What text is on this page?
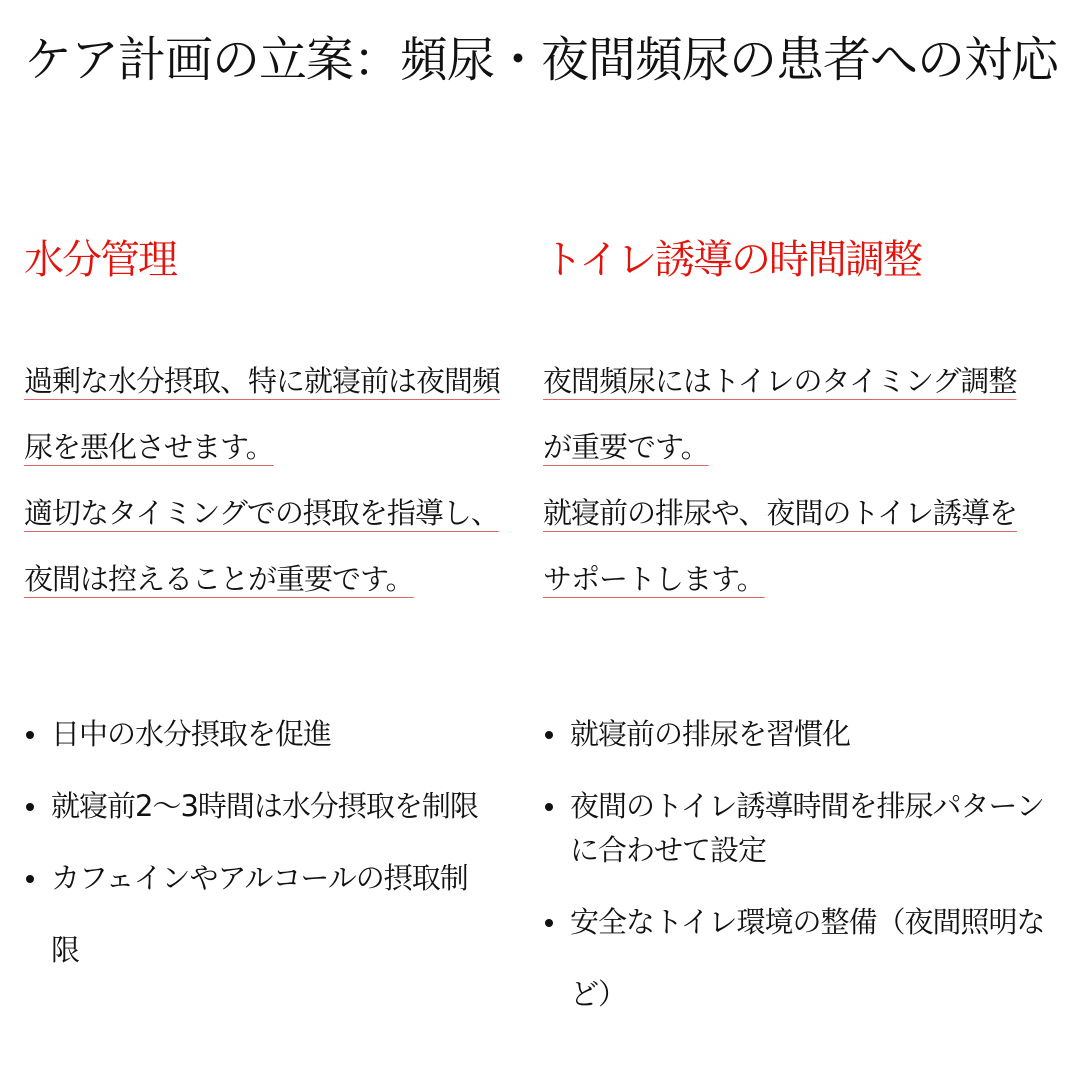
ケア計画の立案：頻尿・夜間頻尿の患者への対応
水分管理
過剰な水分摂取、特に就寝前は夜間頻
尿を悪化させます。
適切なタイミングでの摂取を指導し、
夜間は控えることが重要です。
日中の水分摂取を促進
就寝前2〜3時間は水分摂取を制限
カフェインやアルコールの摂取制限
トイレ誘導の時間調整
夜間頻尿にはトイレのタイミング調整
が重要です。
就寝前の排尿や、夜間のトイレ誘導を
サポートします。
就寝前の排尿を習慣化
夜間のトイレ誘導時間を排尿パターンに合わせて設定
安全なトイレ環境の整備（夜間照明など）
